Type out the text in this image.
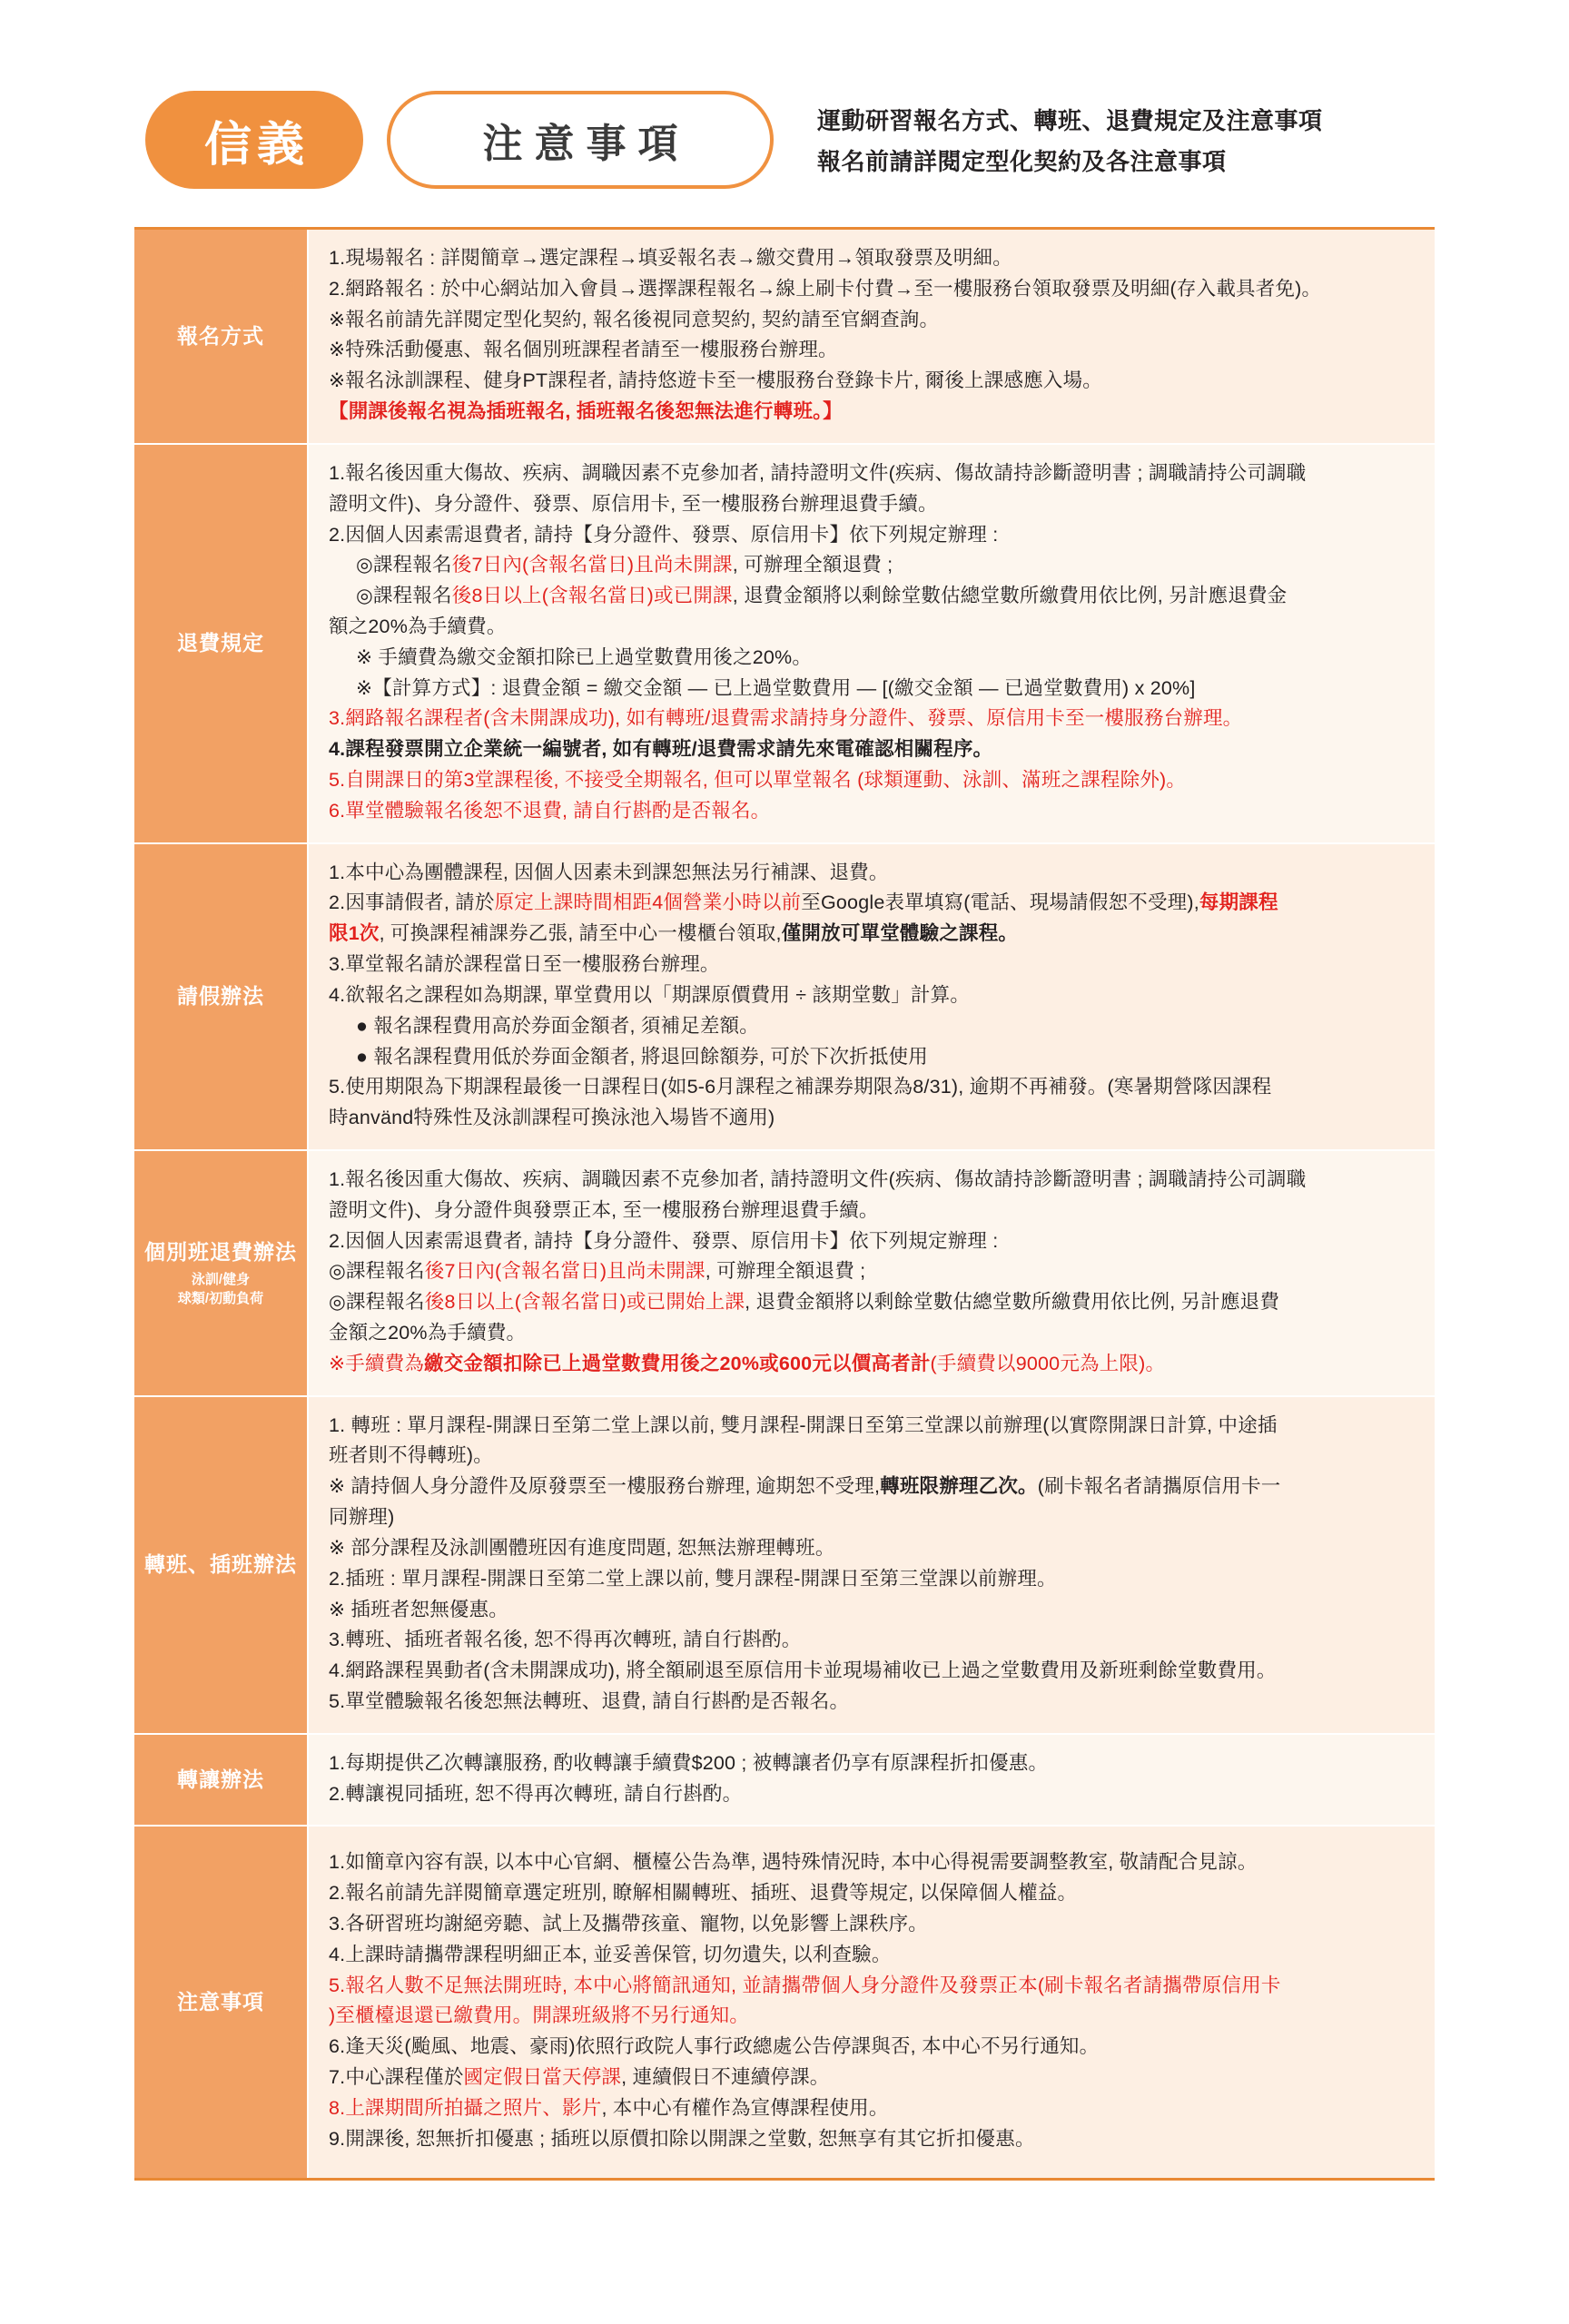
信義	注意事項
運動研習報名方式、轉班、退費規定及注意事項
報名前請詳閱定型化契約及各注意事項
報名方式

1.現場報名 : 詳閱簡章→選定課程→填妥報名表→繳交費用→領取發票及明細。

2.網路報名 : 於中心網站加入會員→選擇課程報名→線上刷卡付費→至一樓服務台領取發票及明細(存入載具者免)。

※報名前請先詳閱定型化契約, 報名後視同意契約, 契約請至官網查詢。

※特殊活動優惠、報名個別班課程者請至一樓服務台辦理。

※報名泳訓課程、健身PT課程者, 請持悠遊卡至一樓服務台登錄卡片, 爾後上課感應入場。

【開課後報名視為插班報名, 插班報名後恕無法進行轉班。】

退費規定

1.報名後因重大傷故、疾病、調職因素不克參加者, 請持證明文件(疾病、傷故請持診斷證明書 ; 調職請持公司調職

證明文件)、身分證件、發票、原信用卡, 至一樓服務台辦理退費手續。

2.因個人因素需退費者, 請持【身分證件、發票、原信用卡】依下列規定辦理 :

◎課程報名後7日內(含報名當日)且尚未開課, 可辦理全額退費 ;

◎課程報名後8日以上(含報名當日)或已開課, 退費金額將以剩餘堂數估總堂數所繳費用依比例, 另計應退費金

額之20%為手續費。

※ 手續費為繳交金額扣除已上過堂數費用後之20%。

※【計算方式】: 退費金額 = 繳交金額 — 已上過堂數費用 — [(繳交金額 — 已過堂數費用) x 20%]

3.網路報名課程者(含未開課成功), 如有轉班/退費需求請持身分證件、發票、原信用卡至一樓服務台辦理。

4.課程發票開立企業統一編號者, 如有轉班/退費需求請先來電確認相關程序。

5.自開課日的第3堂課程後, 不接受全期報名, 但可以單堂報名 (球類運動、泳訓、滿班之課程除外)。

6.單堂體驗報名後恕不退費, 請自行斟酌是否報名。

請假辦法

1.本中心為團體課程, 因個人因素未到課恕無法另行補課、退費。

2.因事請假者, 請於原定上課時間相距4個營業小時以前至Google表單填寫(電話、現場請假恕不受理),每期課程

限1次, 可換課程補課券乙張, 請至中心一樓櫃台領取,僅開放可單堂體驗之課程。

3.單堂報名請於課程當日至一樓服務台辦理。

4.欲報名之課程如為期課, 單堂費用以「期課原價費用 ÷ 該期堂數」計算。

● 報名課程費用高於券面金額者, 須補足差額。

● 報名課程費用低於券面金額者, 將退回餘額券, 可於下次折抵使用

5.使用期限為下期課程最後一日課程日(如5-6月課程之補課券期限為8/31), 逾期不再補發。(寒暑期營隊因課程

時använd特殊性及泳訓課程可換泳池入場皆不適用)

個別班退費辦法
泳訓/健身
球類/初動負荷

1.報名後因重大傷故、疾病、調職因素不克參加者, 請持證明文件(疾病、傷故請持診斷證明書 ; 調職請持公司調職

證明文件)、身分證件與發票正本, 至一樓服務台辦理退費手續。

2.因個人因素需退費者, 請持【身分證件、發票、原信用卡】依下列規定辦理 :

◎課程報名後7日內(含報名當日)且尚未開課, 可辦理全額退費 ;

◎課程報名後8日以上(含報名當日)或已開始上課, 退費金額將以剩餘堂數估總堂數所繳費用依比例, 另計應退費

金額之20%為手續費。

※手續費為繳交金額扣除已上過堂數費用後之20%或600元以價高者計(手續費以9000元為上限)。

轉班、插班辦法

1. 轉班 : 單月課程-開課日至第二堂上課以前, 雙月課程-開課日至第三堂課以前辦理(以實際開課日計算, 中途插

班者則不得轉班)。

※ 請持個人身分證件及原發票至一樓服務台辦理, 逾期恕不受理,轉班限辦理乙次。(刷卡報名者請攜原信用卡一

同辦理)

※ 部分課程及泳訓團體班因有進度問題, 恕無法辦理轉班。

2.插班 : 單月課程-開課日至第二堂上課以前, 雙月課程-開課日至第三堂課以前辦理。

※ 插班者恕無優惠。

3.轉班、插班者報名後, 恕不得再次轉班, 請自行斟酌。

4.網路課程異動者(含未開課成功), 將全額刷退至原信用卡並現場補收已上過之堂數費用及新班剩餘堂數費用。

5.單堂體驗報名後恕無法轉班、退費, 請自行斟酌是否報名。

轉讓辦法

1.每期提供乙次轉讓服務, 酌收轉讓手續費$200 ; 被轉讓者仍享有原課程折扣優惠。

2.轉讓視同插班, 恕不得再次轉班, 請自行斟酌。

注意事項

1.如簡章內容有誤, 以本中心官網、櫃檯公告為準, 遇特殊情況時, 本中心得視需要調整教室, 敬請配合見諒。

2.報名前請先詳閱簡章選定班別, 瞭解相關轉班、插班、退費等規定, 以保障個人權益。

3.各研習班均謝絕旁聽、試上及攜帶孩童、寵物, 以免影響上課秩序。

4.上課時請攜帶課程明細正本, 並妥善保管, 切勿遺失, 以利查驗。

5.報名人數不足無法開班時, 本中心將簡訊通知, 並請攜帶個人身分證件及發票正本(刷卡報名者請攜帶原信用卡

)至櫃檯退還已繳費用。開課班級將不另行通知。

6.逢天災(颱風、地震、豪雨)依照行政院人事行政總處公告停課與否, 本中心不另行通知。

7.中心課程僅於國定假日當天停課, 連續假日不連續停課。

8.上課期間所拍攝之照片、影片, 本中心有權作為宣傳課程使用。

9.開課後, 恕無折扣優惠 ; 插班以原價扣除以開課之堂數, 恕無享有其它折扣優惠。
